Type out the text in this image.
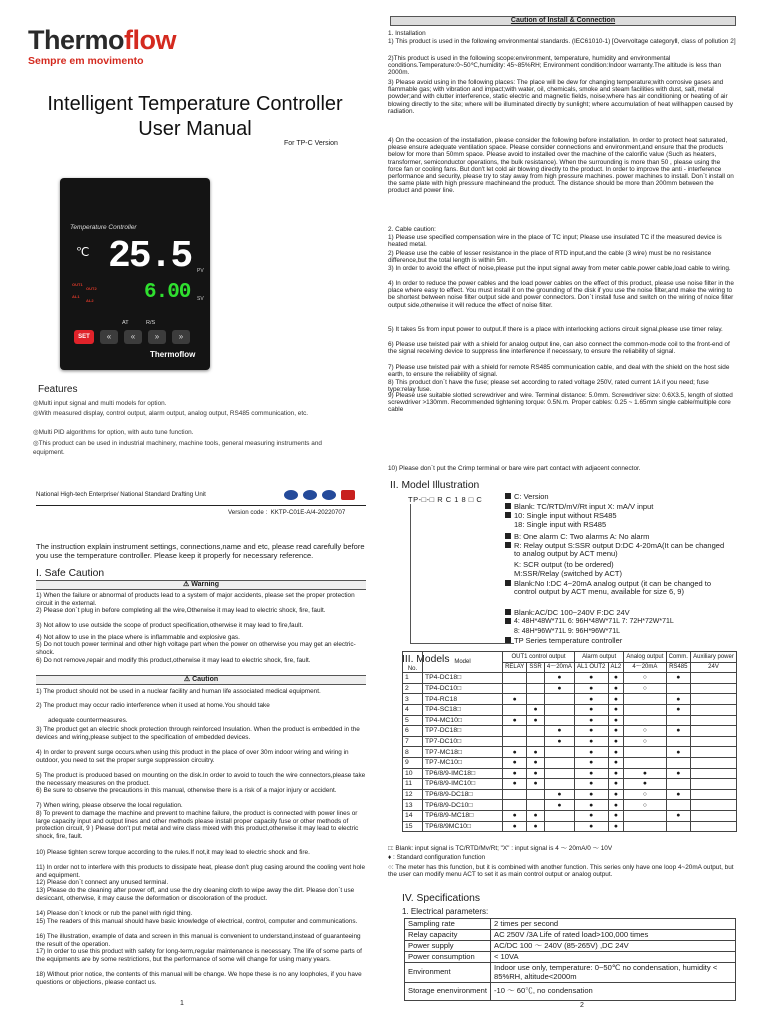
Thermoflow
Sempre em movimento
Intelligent Temperature Controller
User Manual
For TP-C Version
Temperature Controller
℃ 25.5 PV
6.00 SV
OUT1
OUT2
AL1
AL2
AT	R/S
SET	«	«	»	»
Thermoflow
Features
◎Multi input signal and multi models for option.
◎With measured display, control output, alarm output, analog output, RS485 communication, etc.
◎Multi PID algorithms for option, with auto tune function.
◎This product can be used in industrial machinery, machine tools, general measuring instruments and equipment.
National High-tech Enterprise/ National Standard Drafting Unit
Version code :  KKTP-C01E-A/4-20220707
The instruction explain instrument settings, connections,name and etc, please read carefully before you use the temperature controller. Please keep it properly for necessary reference.
I. Safe Caution
⚠ Warning
1) When the failure or abnormal of products lead to a system of major accidents, please set the proper protection circuit in the external.
2) Please don`t plug in before completing all the wire,Otherwise it may lead to electric shock, fire, fault.
3) Not allow to use outside the scope of product specification,otherwise it may lead to fire,fault.
4) Not allow to use in the place where is inflammable and explosive gas.
5) Do not touch power terminal and other high voltage part when the power on otherwise you may get an electric-shock.
6) Do not remove,repair and modify this product,otherwise it may lead to electric shock, fire, fault.
⚠ Caution
1) The product should not be used in a nuclear facility and human life associated medical equipment.
2) The product may occur radio interference when it used at home.You should take
adequate countermeasures.
3) The product get an electric shock protection through reinforced Insulation. When the product is embedded in the devices and wiring,please subject to the specification of embedded devices.
4) In order to prevent surge occurs.when using this product in the place of over 30m indoor wiring and wiring in outdoor, you need to set the proper surge suppression circuitry.
5) The product is produced based on mounting on the disk.In order to avoid to touch the wire connectors,please take the necessary measures on the product.
6) Be sure to observe the precautions in this manual, otherwise there is a risk of a major injury or accident.
7) When wiring, please observe the local regulation.
8) To prevent to damage the machine and prevent to machine failure, the product is connected with power lines or large capacity input and output lines and other methods please install proper capacity fuse or other methods of protection circuit, 9 ) Please don't put metal and wire class mixed with this product,otherwise it may lead to electric shock, fire, fault.
10) Please tighten screw torque according to the rules.If not,it may lead to electric shock and fire.
11) In order not to interfere with this products to dissipate heat, please don't plug casing around the cooling vent hole and equipment.
12) Please don`t connect any unused terminal.
13) Please do the cleaning after power off, and use the dry cleaning cloth to wipe away the dirt. Please don`t use desiccant, otherwise, it may cause the deformation or discoloration of the product.
14) Please don`t knock or rub the panel with rigid thing.
15) The readers of this manual should have basic knowledge of electrical, control, computer and communications.
16) The illustration, example of data and screen in this manual is convenient to understand,instead of guaranteeing the result of the operation.
17) In order to use this product with safety for long-term,regular maintenance is necessary. The life of some parts of the equipments are by some restrictions, but the performance of some will change for using many years.
18) Without prior notice, the contents of this manual will be change. We hope these is no any loopholes, if you have questions or objections, please contact us.
1
Caution of Install & Connection
1. Installation
1) This product is used in the following environmental standards. (IEC61010-1) [Overvoltage categoryⅡ, class of pollution 2]
2)This product is used in the following scope:environment, temperature, humidity and environmental conditions.Temperature:0~50℃,humidity: 45~85%RH; Environment condition:Indoor warranty.The altitude is less than 2000m.
3) Please avoid using in the following places: The place will be dew for changing temperature;with corrosive gases and flammable gas; with vibration and impact;with water, oil, chemicals, smoke and steam facilities with dust, salt, metal powder;and with clutter interference, static electric and magnetic fields, noise;where has air conditioning or heating of air blowing directly to the site; where will be illuminated directly by sunlight; where accumulation of heat willhappen caused by radiation.
4) On the occasion of the installation, please consider the following before installation. In order to protect heat saturated, please ensure adequate ventilation space. Please consider connections and environment,and ensure that the products below for more than 50mm space. Please avoid to installed over the machine of the calorific value (Such as heaters, transformer, semiconductor operations, the bulk resistance). When the surrounding is more than 50 , please using the force fan or cooling fans. But don't let cold air blowing directly to the product. In order to improve the anti - interference performance and security, please try to stay away from high pressure machines. power machines to install. Don`t install on the same plate with high pressure machineand the product. The distance should be more than 200mm between the product and power line.
2. Cable caution:
1) Please use specified compensation wire in the place of TC input; Please use insulated TC if the measured device is heated metal.
2) Please use the cable of lesser resistance in the place of RTD input,and the cable (3 wire) must be no resistance difference,but the total length is within 5m.
3) In order to avoid the effect of noise,please put the input signal away from meter cable,power cable,load cable to wiring.
4) In order to reduce the power cables and the load power cables on the effect of this product, please use noise filter in the place where easy to effect. You must install it on the grounding of the disk if you use the noise filter,and make the wiring to be shortest between noise filter output side and power connectors. Don`t install fuse and switch on the wiring of noice filter output side,otherwise it will reduce the effect of noise filter.
5) It takes 5s from input power to output.If there is a place with interlocking actions circuit signal,please use timer relay.
6) Please use twisted pair with a shield for analog output line, can also connect the common-mode coil to the front-end of the signal receiving device to suppress line interference if necessary, to ensure the reliability of signal.
7) Please use twisted pair with a shield for remote RS485 communication cable, and deal with the shield on the host side earth, to ensure the reliability of signal.
8) This product don`t have the fuse; please set according to rated voltage 250V, rated current 1A if you need; fuse type:relay fuse.
9) Please use suitable slotted screwdriver and wire. Terminal distance: 5.0mm. Screwdriver size: 0.6X3.5, length of slotted screwdriver >130mm. Recommended tightening torque: 0.5N.m. Proper cables: 0.25 ~ 1.65mm single cable/multiple core cable
10) Please don`t put the Crimp terminal or bare wire part contact with adjacent connector.
II. Model Illustration
TP-□-□ R C 1 8 □ C	C: Version
Blank: TC/RTD/mV/Rt input X: mA/V input
10: Single input without RS485
18: Single input with RS485
B: One alarm C: Two alarms A: No alarm
R: Relay output S:SSR output D:DC 4-20mA(It can be changed to analog output by ACT menu)
K: SCR output (to be ordered)
M:SSR/Relay (switched by ACT)
Blank:No I:DC 4~20mA analog output (it can be changed to control output by ACT menu, available for size 6, 9)
Blank:AC/DC 100~240V F:DC 24V
4: 48H*48W*71L 6: 96H*48W*71L 7: 72H*72W*71L
8: 48H*96W*71L 9: 96H*96W*71L
TP Series temperature controller
III. Models
No.	Model	OUT1 control output			Alarm output		Analog output	Comm.	Auxiliary power
		RELAY	SSR	4～20mA	AL1 OUT2	AL2	4～20mA	RS485	24V
1	TP4-DC18□			●	●	●	○	●	
2	TP4-DC10□			●	●	●	○		
3	TP4-RC18	●			●	●		●	
4	TP4-SC18□		●		●	●		●	
5	TP4-MC10□	●	●		●	●			
6	TP7-DC18□			●	●	●	○	●	
7	TP7-DC10□			●	●	●	○		
8	TP7-MC18□	●	●		●	●		●	
9	TP7-MC10□	●	●		●	●			
10	TP6/8/9-IMC18□	●	●		●	●	●	●	
11	TP6/8/9-IMC10□	●	●		●	●	●		
12	TP6/8/9-DC18□			●	●	●	○	●	
13	TP6/8/9-DC10□			●	●	●	○		
14	TP6/8/9-MC18□	●	●		●	●		●	
15	TP6/8/9MC10□	●	●		●	●			
□: Blank: input signal is TC/RTD/Mv/Rt; "X" : input signal is 4 ～ 20mA/0 ～ 10V
♦ : Standard configuration function
○: The meter has this function, but it is combined with another function. This series only have one loop 4~20mA output, but the user can modify menu ACT to set it as main control output or analog output.
IV. Specifications
1. Electrical parameters:
Sampling rate	2 times per second
Relay capacity	AC 250V /3A Life of rated load>100,000 times
Power supply	AC/DC 100 ～ 240V (85-265V) ,DC 24V
Power consumption	< 10VA
Environment	Indoor use only, temperature: 0~50℃ no condensation, humidity < 85%RH, altitude<2000m
Storage enenvironment	-10 ～ 60℃, no condensation
2
